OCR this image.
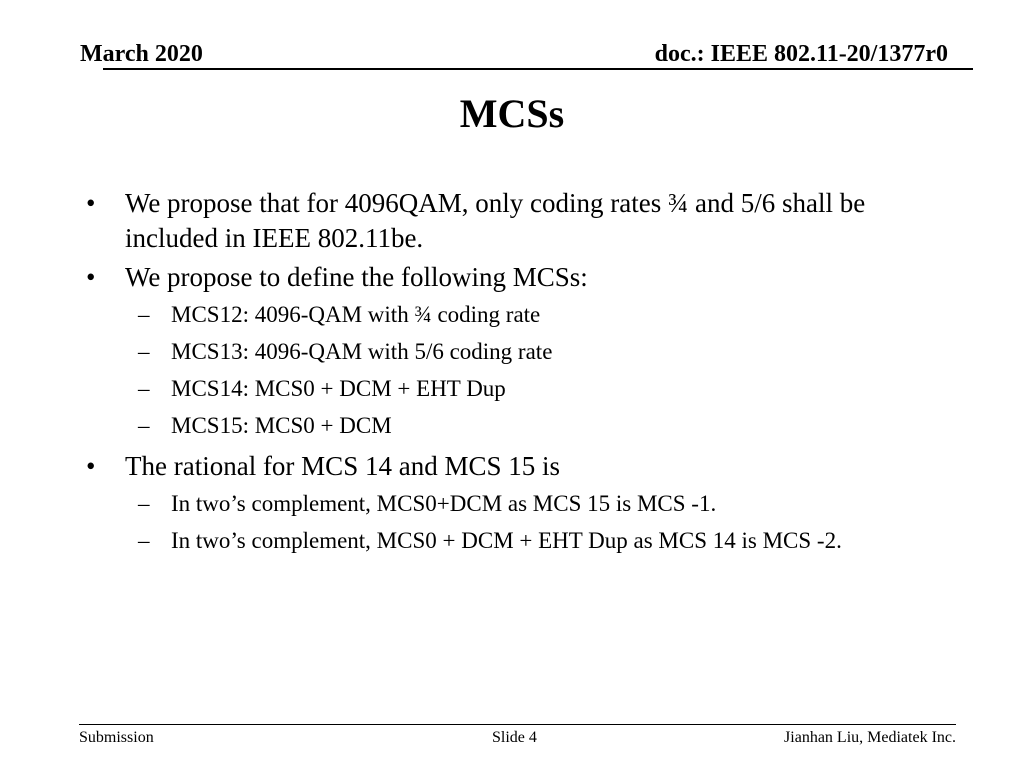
March 2020	doc.: IEEE 802.11-20/1377r0
MCSs
• We propose that for 4096QAM, only coding rates ¾ and 5/6 shall be included in IEEE 802.11be.
• We propose to define the following MCSs:
– MCS12: 4096-QAM with ¾ coding rate
– MCS13: 4096-QAM with 5/6 coding rate
– MCS14: MCS0 + DCM + EHT Dup
– MCS15: MCS0 + DCM
• The rational for MCS 14 and MCS 15 is
– In two’s complement, MCS0+DCM as MCS 15 is MCS -1.
– In two’s complement, MCS0 + DCM + EHT Dup as MCS 14 is MCS -2.
Submission	Slide 4	Jianhan Liu, Mediatek Inc.
